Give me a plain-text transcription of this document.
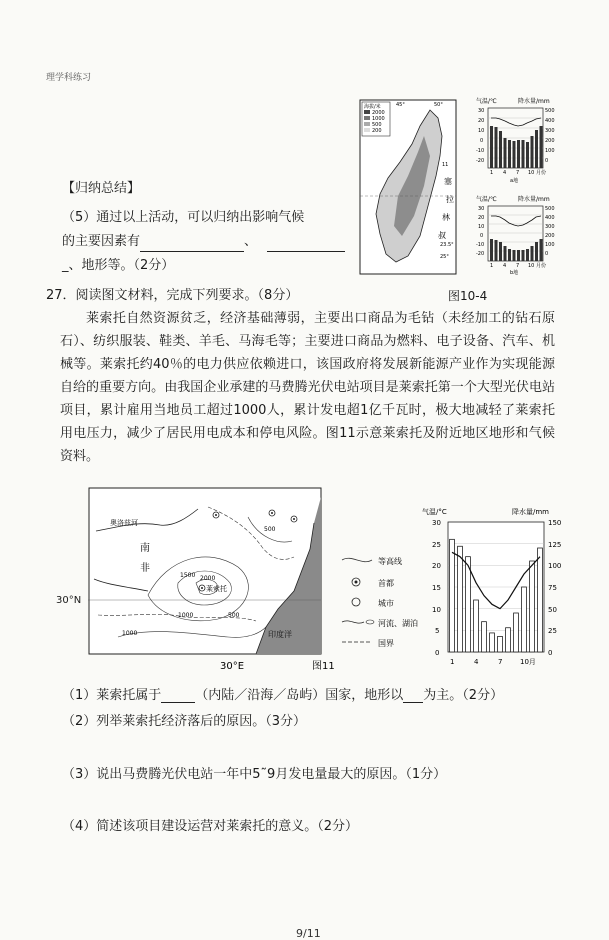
理学科练习
海拔/米
2000
1000
500
200
45°	50°
11
23.5°
25°
塞
拉
林
叔
气温/℃	降水量/mm
30
20
10
0
-10
-20
500
400
300
200
100
0
1 4 7 10 月份
a地
气温/℃	降水量/mm
30
20
10
0
-10
-20
500
400
300
200
100
0
1 4 7 10 月份
b地
【归纳总结】
（5）通过以上活动，可以归纳出影响气候
的主要因素有	、
_、地形等。（2分）
27．阅读图文材料，完成下列要求。（8分）	图10-4
莱索托自然资源贫乏，经济基础薄弱，主要出口商品为毛钻（未经加工的钻石原石）、纺织服装、鞋类、羊毛、马海毛等；主要进口商品为燃料、电子设备、汽车、机械等。莱索托约40％的电力供应依赖进口，该国政府将发展新能源产业作为实现能源自给的重要方向。由我国企业承建的马费腾光伏电站项目是莱索托第一个大型光伏电站项目，累计雇用当地员工超过1000人，累计发电超1亿千瓦时，极大地减轻了莱索托用电压力，减少了居民用电成本和停电风险。图11示意莱索托及附近地区地形和气候资料。
奥洛兹河
南
非
莱索托
印度洋
1500 2000
1000	500
1000
500
30°E	图11
30°N
等高线
首都
城市
河流、湖泊
国界
气温/°C	降水量/mm
30
25
20
15
10
5
0
150
125
100
75
50
25
0
1	4	7	10月
（1）莱索托属于	（内陆／沿海／岛屿）国家，地形以 为主。（2分）
（2）列举莱索托经济落后的原因。（3分）
（3）说出马费腾光伏电站一年中5˜9月发电量最大的原因。（1分）
（4）简述该项目建设运营对莱索托的意义。（2分）
9/11
